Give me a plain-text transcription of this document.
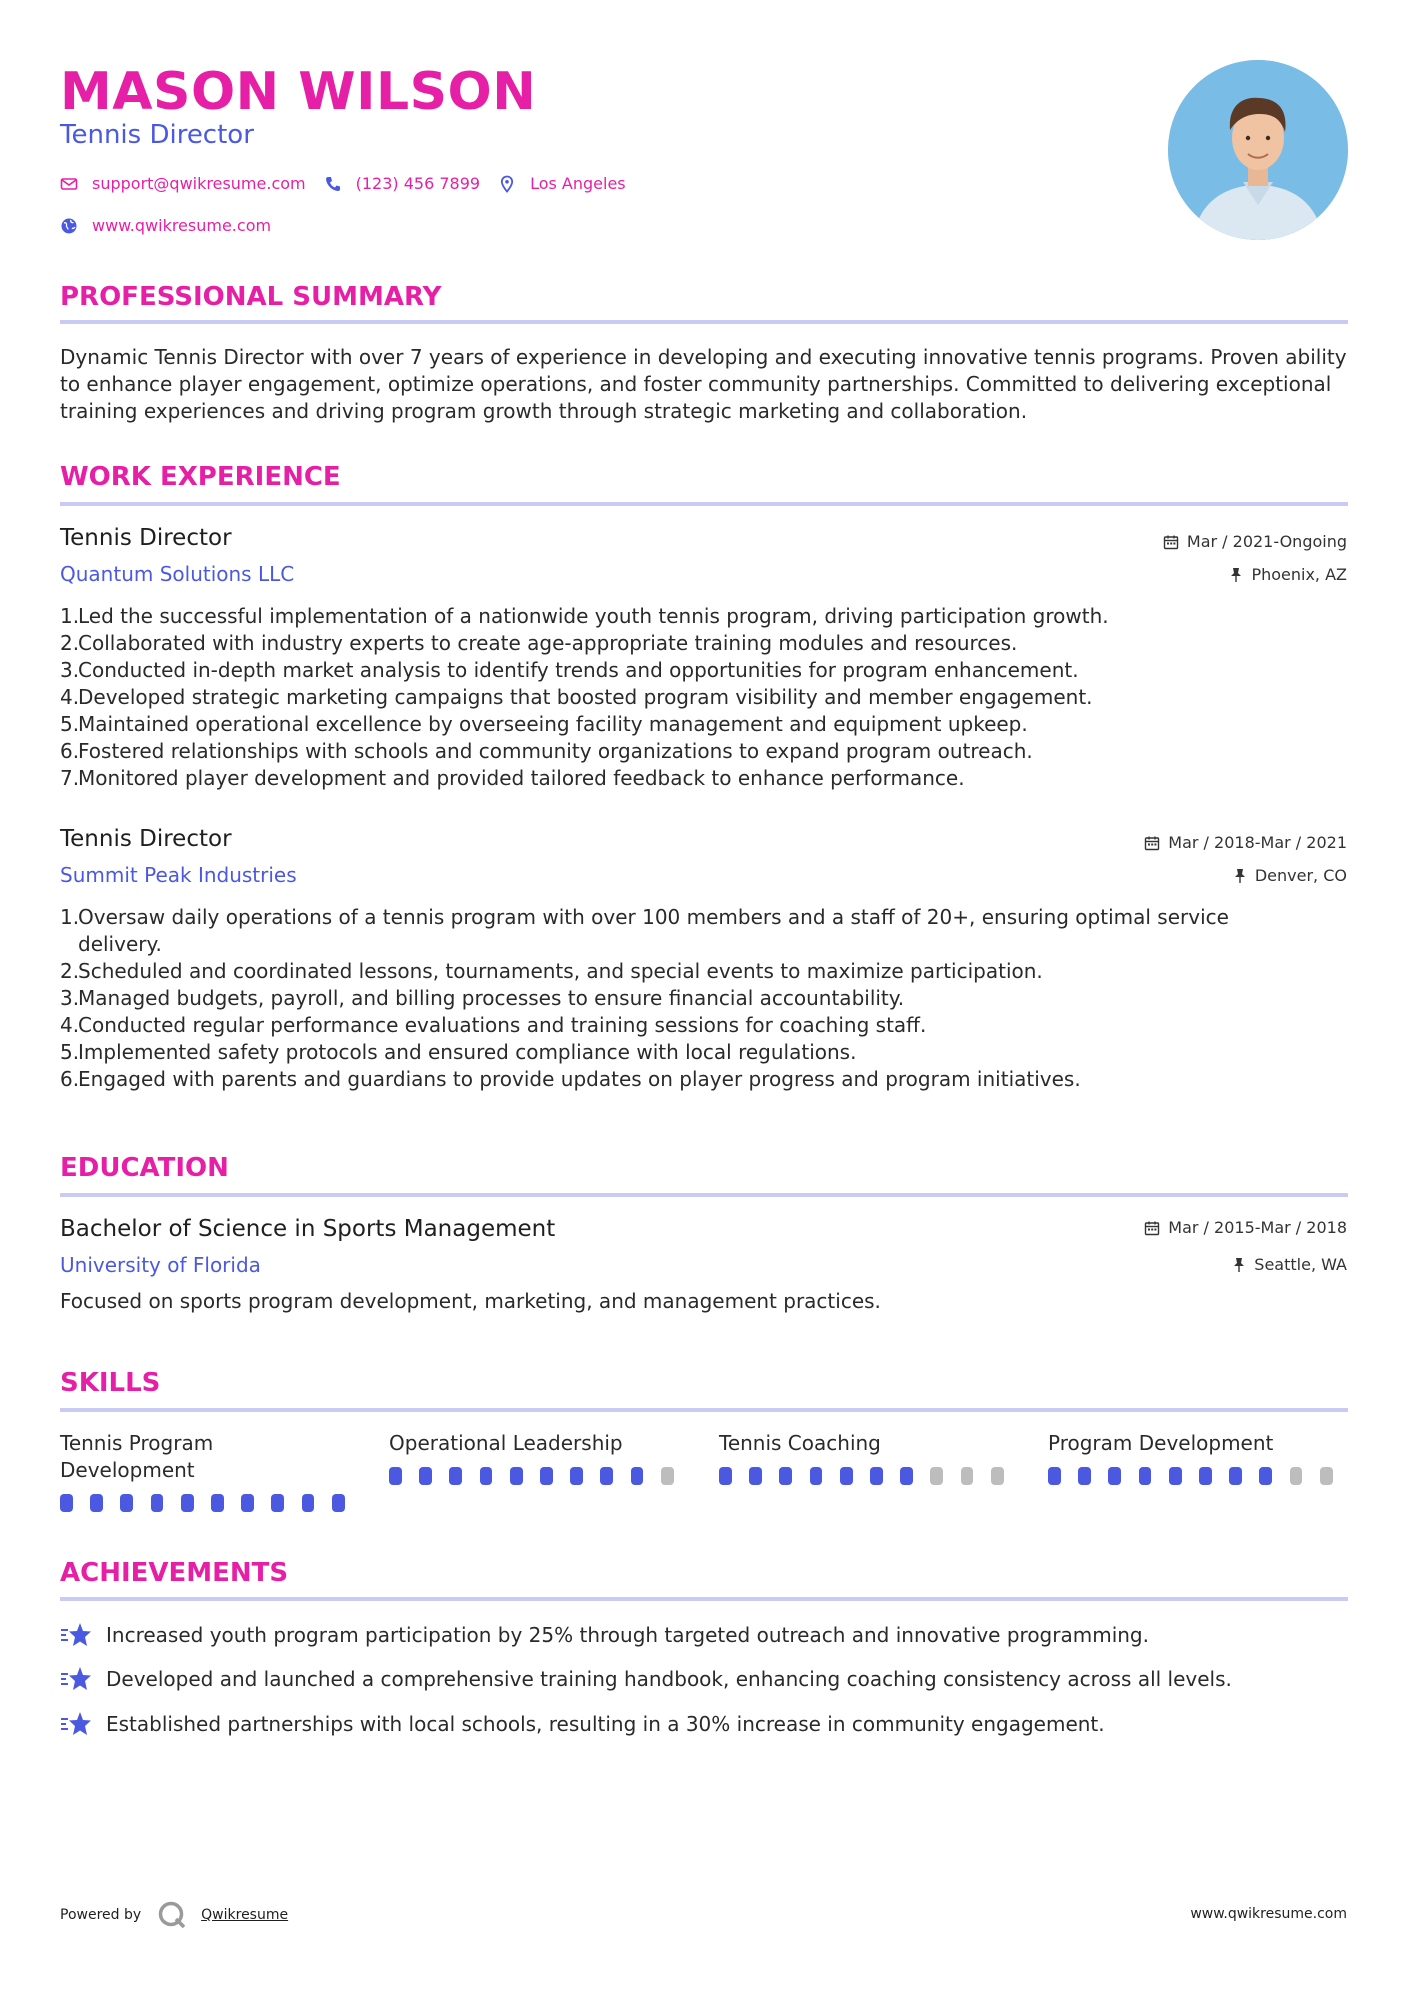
MASON WILSON
Tennis Director
support@qwikresume.com	(123) 456 7899	Los Angeles
www.qwikresume.com
PROFESSIONAL SUMMARY
Dynamic Tennis Director with over 7 years of experience in developing and executing innovative tennis programs. Proven ability to enhance player engagement, optimize operations, and foster community partnerships. Committed to delivering exceptional training experiences and driving program growth through strategic marketing and collaboration.
WORK EXPERIENCE
Tennis Director
Quantum Solutions LLC
Mar / 2021-Ongoing
Phoenix, AZ
1.
Led the successful implementation of a nationwide youth tennis program, driving participation growth.
2.
Collaborated with industry experts to create age-appropriate training modules and resources.
3.
Conducted in-depth market analysis to identify trends and opportunities for program enhancement.
4.
Developed strategic marketing campaigns that boosted program visibility and member engagement.
5.
Maintained operational excellence by overseeing facility management and equipment upkeep.
6.
Fostered relationships with schools and community organizations to expand program outreach.
7.
Monitored player development and provided tailored feedback to enhance performance.
Tennis Director
Summit Peak Industries
Mar / 2018-Mar / 2021
Denver, CO
1.
Oversaw daily operations of a tennis program with over 100 members and a staff of 20+, ensuring optimal service delivery.
2.
Scheduled and coordinated lessons, tournaments, and special events to maximize participation.
3.
Managed budgets, payroll, and billing processes to ensure financial accountability.
4.
Conducted regular performance evaluations and training sessions for coaching staff.
5.
Implemented safety protocols and ensured compliance with local regulations.
6.
Engaged with parents and guardians to provide updates on player progress and program initiatives.
EDUCATION
Bachelor of Science in Sports Management
University of Florida
Mar / 2015-Mar / 2018
Seattle, WA
Focused on sports program development, marketing, and management practices.
SKILLS
Tennis Program Development
Operational Leadership	Tennis Coaching	Program Development
ACHIEVEMENTS
Increased youth program participation by 25% through targeted outreach and innovative programming.
Developed and launched a comprehensive training handbook, enhancing coaching consistency across all levels.
Established partnerships with local schools, resulting in a 30% increase in community engagement.
Powered by	Qwikresume	www.qwikresume.com
